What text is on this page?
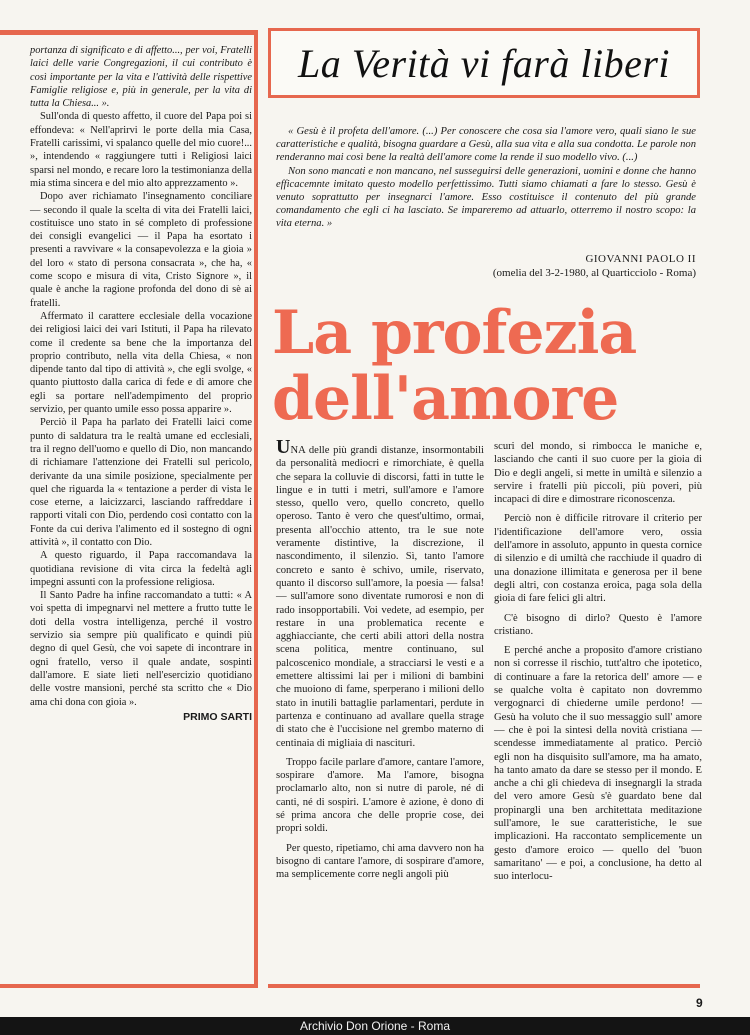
portanza di significato e di affetto..., per voi, Fratelli laici delle varie Congregazioni, il cui contributo è così importante per la vita e l'attività delle rispettive Famiglie religiose e, più in generale, per la vita di tutta la Chiesa... ».

Sull'onda di questo affetto, il cuore del Papa poi si effondeva: « Nell'aprirvi le porte della mia Casa, Fratelli carissimi, vi spalanco quelle del mio cuore!... », intendendo « raggiungere tutti i Religiosi laici sparsi nel mondo, e recare loro la testimonianza della mia stima sincera e del mio alto apprezzamento ».

Dopo aver richiamato l'insegnamento conciliare — secondo il quale la scelta di vita dei Fratelli laici, costituisce uno stato in sé completo di professione dei consigli evangelici — il Papa ha esortato i presenti a ravvivare « la consapevolezza e la gioia » del loro « stato di persona consacrata », che ha, « come scopo e misura di vita, Cristo Signore », il quale è anche la ragione profonda del dono di sè ai fratelli.

Affermato il carattere ecclesiale della vocazione dei religiosi laici dei vari Istituti, il Papa ha rilevato come il credente sa bene che la importanza del proprio contributo, nella vita della Chiesa, « non dipende tanto dal tipo di attività », che egli svolge, « quanto piuttosto dalla carica di fede e di amore che egli sa portare nell'adempimento del proprio servizio, per quanto umile esso possa apparire ».

Perciò il Papa ha parlato dei Fratelli laici come punto di saldatura tra le realtà umane ed ecclesiali, tra il regno dell'uomo e quello di Dio, non mancando di richiamare l'attenzione dei Fratelli sul pericolo, derivante da una simile posizione, specialmente per quel che riguarda la « tentazione a perder di vista le cose eterne, a laicizzarci, lasciando raffreddare i rapporti vitali con Dio, perdendo così contatto con la Fonte da cui deriva l'alimento ed il sostegno di ogni attività », il contatto con Dio.

A questo riguardo, il Papa raccomandava la quotidiana revisione di vita circa la fedeltà agli impegni assunti con la professione religiosa.

Il Santo Padre ha infine raccomandato a tutti: « A voi spetta di impegnarvi nel mettere a frutto tutte le doti della vostra intelligenza, perché il vostro servizio sia sempre più qualificato e quindi più degno di quel Gesù, che voi sapete di incontrare in ogni fratello, verso il quale andate, sospinti dall'amore. E siate lieti nell'esercizio quotidiano delle vostre mansioni, perché sta scritto che « Dio ama chi dona con gioia ».

PRIMO SARTI

La Verità vi farà liberi

« Gesù è il profeta dell'amore. (...) Per conoscere che cosa sia l'amore vero, quali siano le sue caratteristiche e qualità, bisogna guardare a Gesù, alla sua vita e alla sua condotta. Le parole non renderanno mai così bene la realtà dell'amore come la rende il suo modello vivo. (...)

Non sono mancati e non mancano, nel susseguirsi delle generazioni, uomini e donne che hanno efficacemnte imitato questo modello perfettissimo. Tutti siamo chiamati a fare lo stesso. Gesù è venuto soprattutto per insegnarci l'amore. Esso costituisce il contenuto del più grande comandamento che egli ci ha lasciato. Se impareremo ad attuarlo, otterremo il nostro scopo: la vita eterna. »

GIOVANNI PAOLO II
(omelia del 3-2-1980, al Quarticciolo - Roma)
La profezia
dell'amore

UNA delle più grandi distanze, insormontabili da personalità mediocri e rimorchiate, è quella che separa la colluvie di discorsi, fatti in tutte le lingue e in tutti i metri, sull'amore e l'amore stesso, quello vero, quello concreto, quello operoso. Tanto è vero che quest'ultimo, ormai, presenta all'occhio attento, tra le sue note veramente distintive, la discrezione, il nascondimento, il silenzio. Sì, tanto l'amore concreto e santo è schivo, umile, riservato, quanto il discorso sull'amore, la poesia — falsa! — sull'amore sono diventate rumorosi e non di rado insopportabili. Voi vedete, ad esempio, per restare in una problematica recente e agghiacciante, che certi abili attori della nostra scena politica, mentre continuano, sul palcoscenico mondiale, a stracciarsi le vesti e a emettere altissimi lai per i milioni di bambini che muoiono di fame, sperperano i milioni dello stato in inutili battaglie parlamentari, perdute in partenza e continuano ad avallare quella strage di stato che è l'uccisione nel grembo materno di centinaia di migliaia di nascituri.

Troppo facile parlare d'amore, cantare l'amore, sospirare d'amore. Ma l'amore, bisogna proclamarlo alto, non si nutre di parole, né di canti, né di sospiri. L'amore è azione, è dono di sé prima ancora che delle proprie cose, dei propri soldi.

Per questo, ripetiamo, chi ama davvero non ha bisogno di cantare l'amore, di sospirare d'amore, ma semplicemente corre negli angoli più

scuri del mondo, si rimbocca le maniche e, lasciando che canti il suo cuore per la gioia di Dio e degli angeli, si mette in umiltà e silenzio a servire i fratelli più piccoli, più poveri, più incapaci di dire e dimostrare riconoscenza.

Perciò non è difficile ritrovare il criterio per l'identificazione dell'amore vero, ossia dell'amore in assoluto, appunto in questa cornice di silenzio e di umiltà che racchiude il quadro di una donazione illimitata e generosa per il bene degli altri, con costanza eroica, paga sola della gioia di fare felici gli altri.

C'è bisogno di dirlo? Questo è l'amore cristiano.

E perché anche a proposito d'amore cristiano non si corresse il rischio, tutt'altro che ipotetico, di continuare a fare la retorica dell' amore — e se qualche volta è capitato non dovremmo vergognarci di chiederne umile perdono! — Gesù ha voluto che il suo messaggio sull' amore — che è poi la sintesi della novità cristiana — scendesse immediatamente al pratico. Perciò egli non ha disquisito sull'amore, ma ha amato, ha tanto amato da dare se stesso per il mondo. E anche a chi gli chiedeva di insegnargli la strada del vero amore Gesù s'è guardato bene dal propinargli una ben architettata meditazione sull'amore, le sue caratteristiche, le sue implicazioni. Ha raccontato semplicemente un gesto d'amore eroico — quello del 'buon samaritano' — e poi, a conclusione, ha detto al suo interlocu-

9
Archivio Don Orione - Roma
